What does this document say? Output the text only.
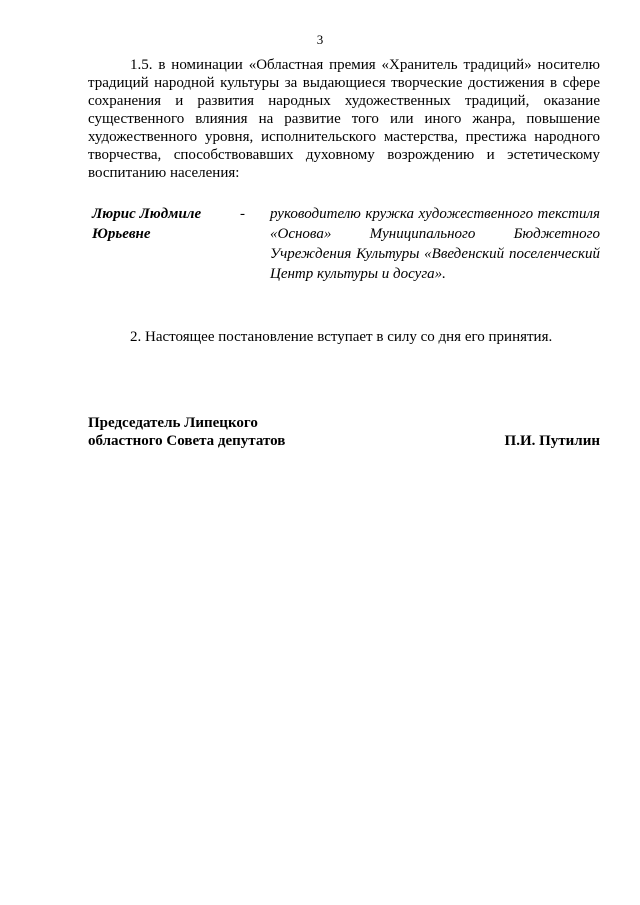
3
1.5. в номинации «Областная премия «Хранитель традиций» носителю традиций народной культуры за выдающиеся творческие достижения в сфере сохранения и развития народных художественных традиций, оказание существенного влияния на развитие того или иного жанра, повышение художественного уровня, исполнительского мастерства, престижа народного творчества, способствовавших духовному возрождению и эстетическому воспитанию населения:
Люрис Людмиле Юрьевне
-	руководителю кружка художественного текстиля «Основа» Муниципального Бюджетного Учреждения Культуры «Введенский поселенческий Центр культуры и досуга».
2. Настоящее постановление вступает в силу со дня его принятия.
Председатель Липецкого
областного Совета депутатов	П.И. Путилин
